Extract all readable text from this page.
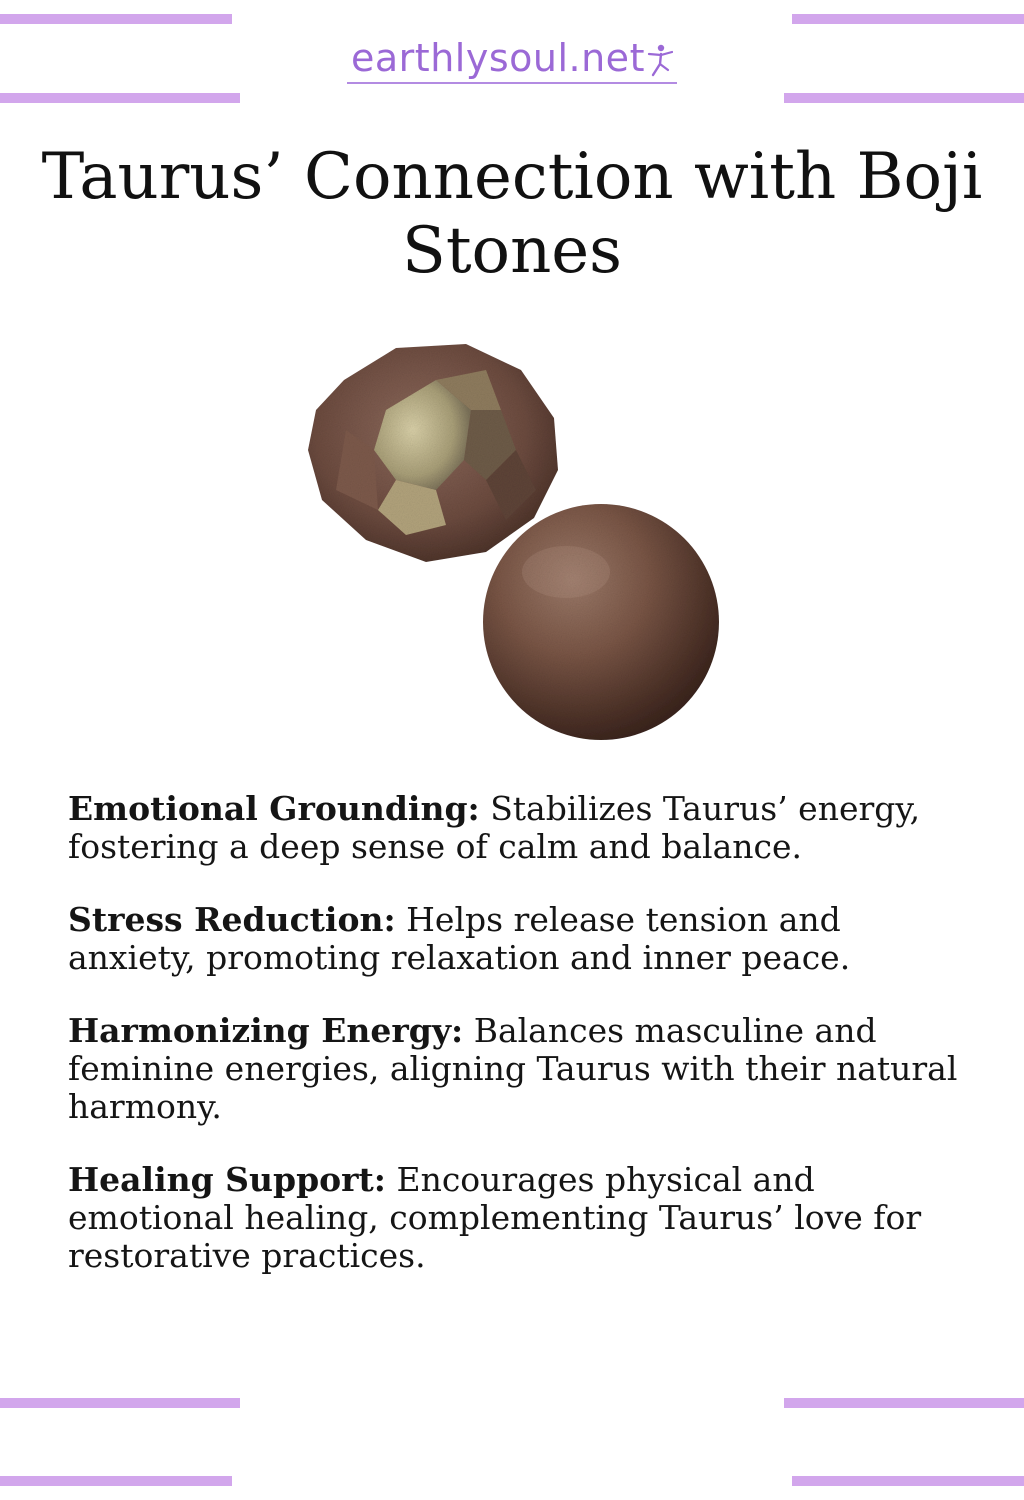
earthlysoul.net
Taurus’ Connection with Boji Stones

Emotional Grounding: Stabilizes Taurus’ energy, fostering a deep sense of calm and balance.

Stress Reduction: Helps release tension and anxiety, promoting relaxation and inner peace.

Harmonizing Energy: Balances masculine and feminine energies, aligning Taurus with their natural harmony.

Healing Support: Encourages physical and emotional healing, complementing Taurus’ love for restorative practices.
